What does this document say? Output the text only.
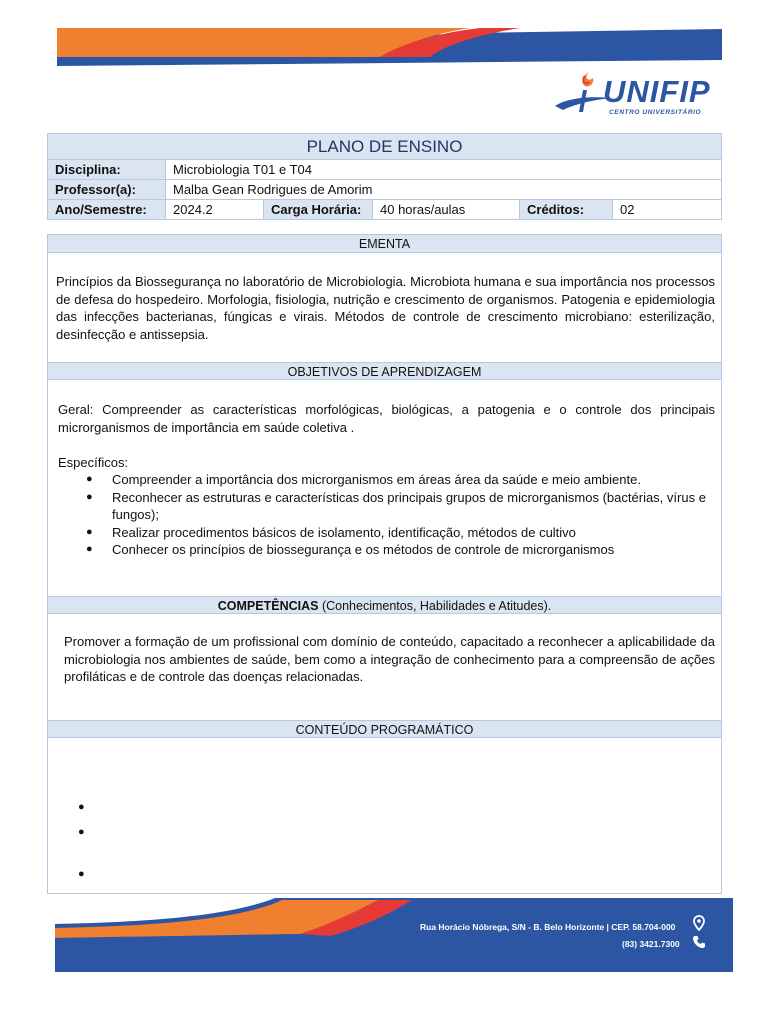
UNIFIP
CENTRO UNIVERSITÁRIO
PLANO DE ENSINO
Disciplina:	Microbiologia T01 e T04
Professor(a):	Malba Gean Rodrigues de Amorim
Ano/Semestre:	2024.2	Carga Horária:	40 horas/aulas	Créditos:	02
EMENTA
Princípios da Biossegurança no laboratório de Microbiologia. Microbiota humana e sua importância nos processos de defesa do hospedeiro. Morfologia, fisiologia, nutrição e crescimento de organismos. Patogenia e epidemiologia das infecções bacterianas, fúngicas e virais. Métodos de controle de crescimento microbiano: esterilização, desinfecção e antissepsia.
OBJETIVOS DE APRENDIZAGEM
Geral: Compreender as características morfológicas, biológicas, a patogenia e o controle dos principais microrganismos de importância em saúde coletiva .
Específicos:
● Compreender a importância dos microrganismos em áreas área da saúde e meio ambiente.
● Reconhecer as estruturas e características dos principais grupos de microrganismos (bactérias, vírus e fungos);
● Realizar procedimentos básicos de isolamento, identificação, métodos de cultivo
● Conhecer os princípios de biossegurança e os métodos de controle de microrganismos
COMPETÊNCIAS (Conhecimentos, Habilidades e Atitudes).
Promover a formação de um profissional com domínio de conteúdo, capacitado a reconhecer a aplicabilidade da microbiologia nos ambientes de saúde, bem como a integração de conhecimento para a compreensão de ações profiláticas e de controle das doenças relacionadas.
CONTEÚDO PROGRAMÁTICO
●
●
●
Rua Horácio Nóbrega, S/N - B. Belo Horizonte | CEP. 58.704-000
(83) 3421.7300
